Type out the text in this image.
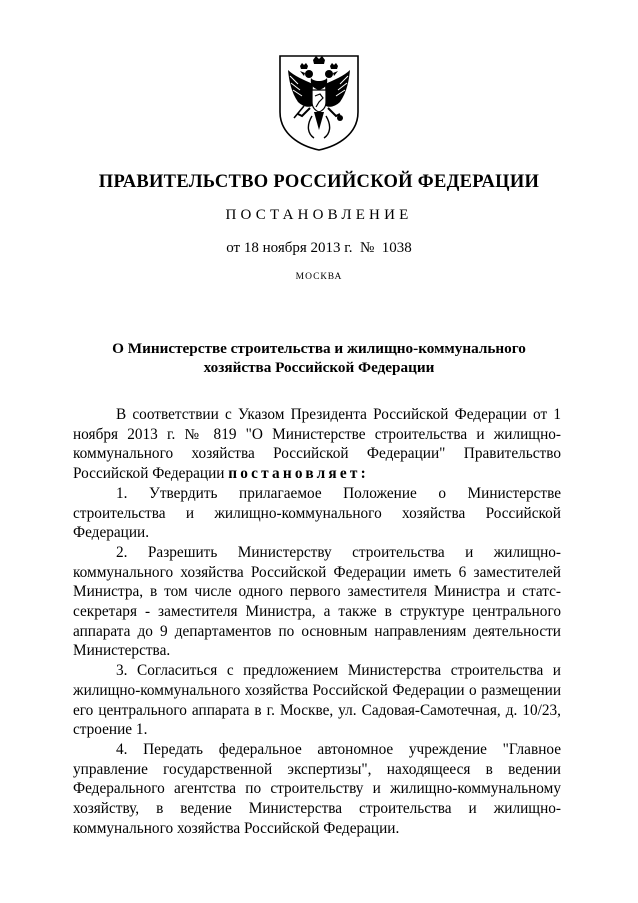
ПРАВИТЕЛЬСТВО РОССИЙСКОЙ ФЕДЕРАЦИИ
ПОСТАНОВЛЕНИЕ
от 18 ноября 2013 г.  №  1038
МОСКВА
О Министерстве строительства и жилищно-коммунального
хозяйства Российской Федерации

В соответствии с Указом Президента Российской Федерации от 1 ноября 2013 г. № 819 "О Министерстве строительства и жилищно-коммунального хозяйства Российской Федерации" Правительство Российской Федерации постановляет:

1. Утвердить прилагаемое Положение о Министерстве строительства и жилищно-коммунального хозяйства Российской Федерации.

2. Разрешить Министерству строительства и жилищно-коммунального хозяйства Российской Федерации иметь 6 заместителей Министра, в том числе одного первого заместителя Министра и статс-секретаря - заместителя Министра, а также в структуре центрального аппарата до 9 департаментов по основным направлениям деятельности Министерства.

3. Согласиться с предложением Министерства строительства и жилищно-коммунального хозяйства Российской Федерации о размещении его центрального аппарата в г. Москве, ул. Садовая-Самотечная, д. 10/23, строение 1.

4. Передать федеральное автономное учреждение "Главное управление государственной экспертизы", находящееся в ведении Федерального агентства по строительству и жилищно-коммунальному хозяйству, в ведение Министерства строительства и жилищно-коммунального хозяйства Российской Федерации.
